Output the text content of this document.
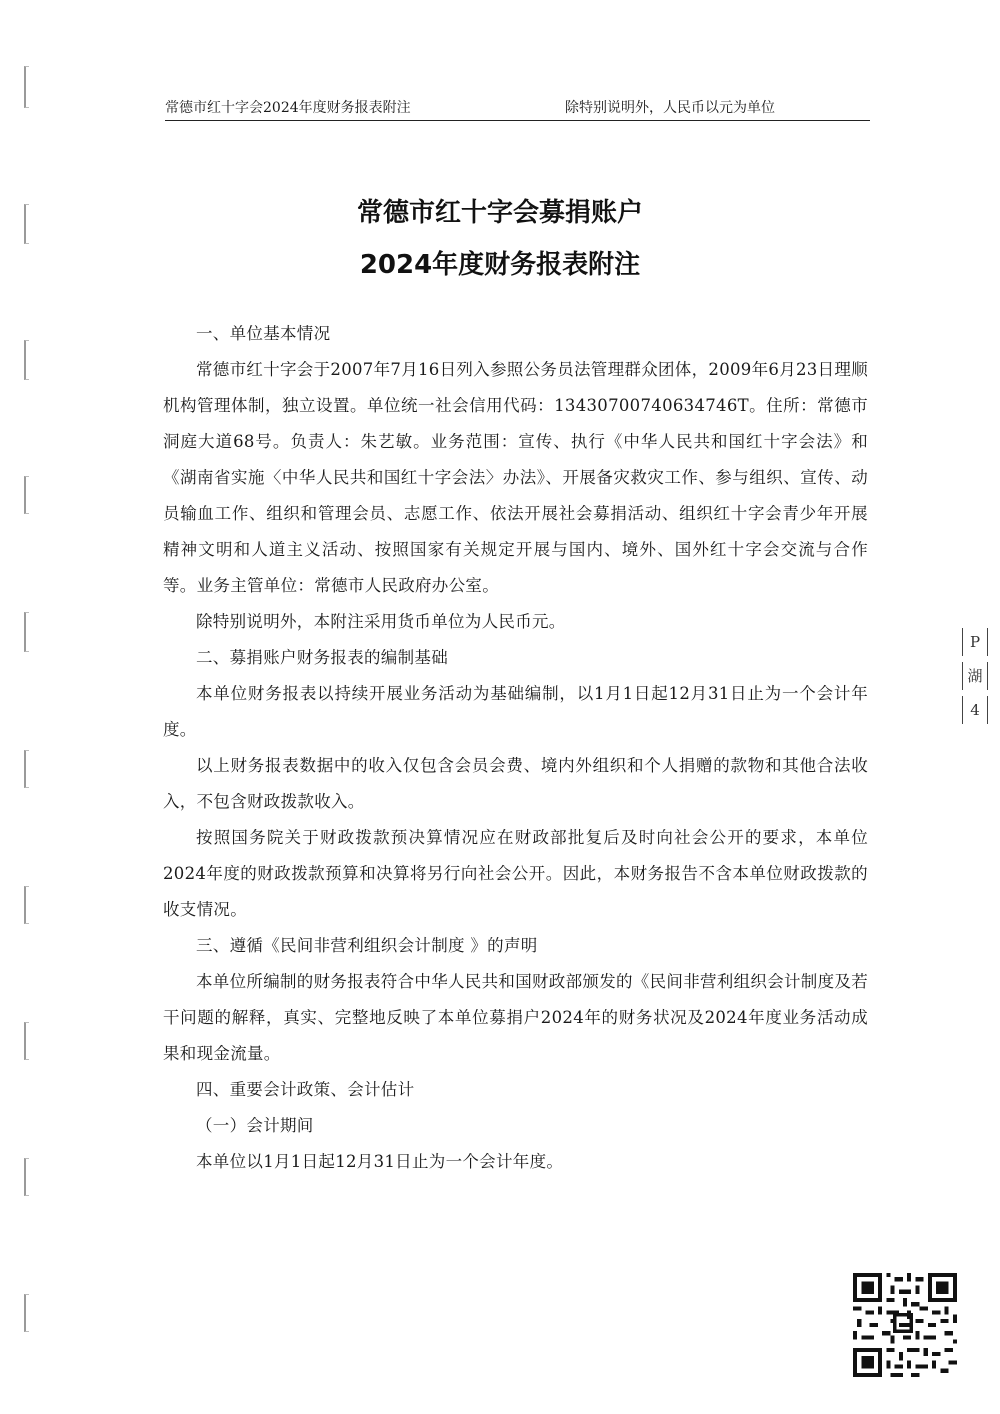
常德市红十字会2024年度财务报表附注	除特别说明外，人民币以元为单位
常德市红十字会募捐账户
2024年度财务报表附注

一、单位基本情况

常德市红十字会于2007年7月16日列入参照公务员法管理群众团体，2009年6月23日理顺机构管理体制，独立设置。单位统一社会信用代码：13430700740634746T。住所：常德市洞庭大道68号。负责人：朱艺敏。业务范围：宣传、执行《中华人民共和国红十字会法》和《湖南省实施〈中华人民共和国红十字会法〉办法》、开展备灾救灾工作、参与组织、宣传、动员输血工作、组织和管理会员、志愿工作、依法开展社会募捐活动、组织红十字会青少年开展精神文明和人道主义活动、按照国家有关规定开展与国内、境外、国外红十字会交流与合作等。业务主管单位：常德市人民政府办公室。

除特别说明外，本附注采用货币单位为人民币元。

二、募捐账户财务报表的编制基础

本单位财务报表以持续开展业务活动为基础编制，以1月1日起12月31日止为一个会计年度。

以上财务报表数据中的收入仅包含会员会费、境内外组织和个人捐赠的款物和其他合法收入，不包含财政拨款收入。

按照国务院关于财政拨款预决算情况应在财政部批复后及时向社会公开的要求，本单位2024年度的财政拨款预算和决算将另行向社会公开。因此，本财务报告不含本单位财政拨款的收支情况。

三、遵循《民间非营利组织会计制度 》的声明

本单位所编制的财务报表符合中华人民共和国财政部颁发的《民间非营利组织会计制度及若干问题的解释，真实、完整地反映了本单位募捐户2024年的财务状况及2024年度业务活动成果和现金流量。

四、重要会计政策、会计估计

（一）会计期间

本单位以1月1日起12月31日止为一个会计年度。

P
湖
4
